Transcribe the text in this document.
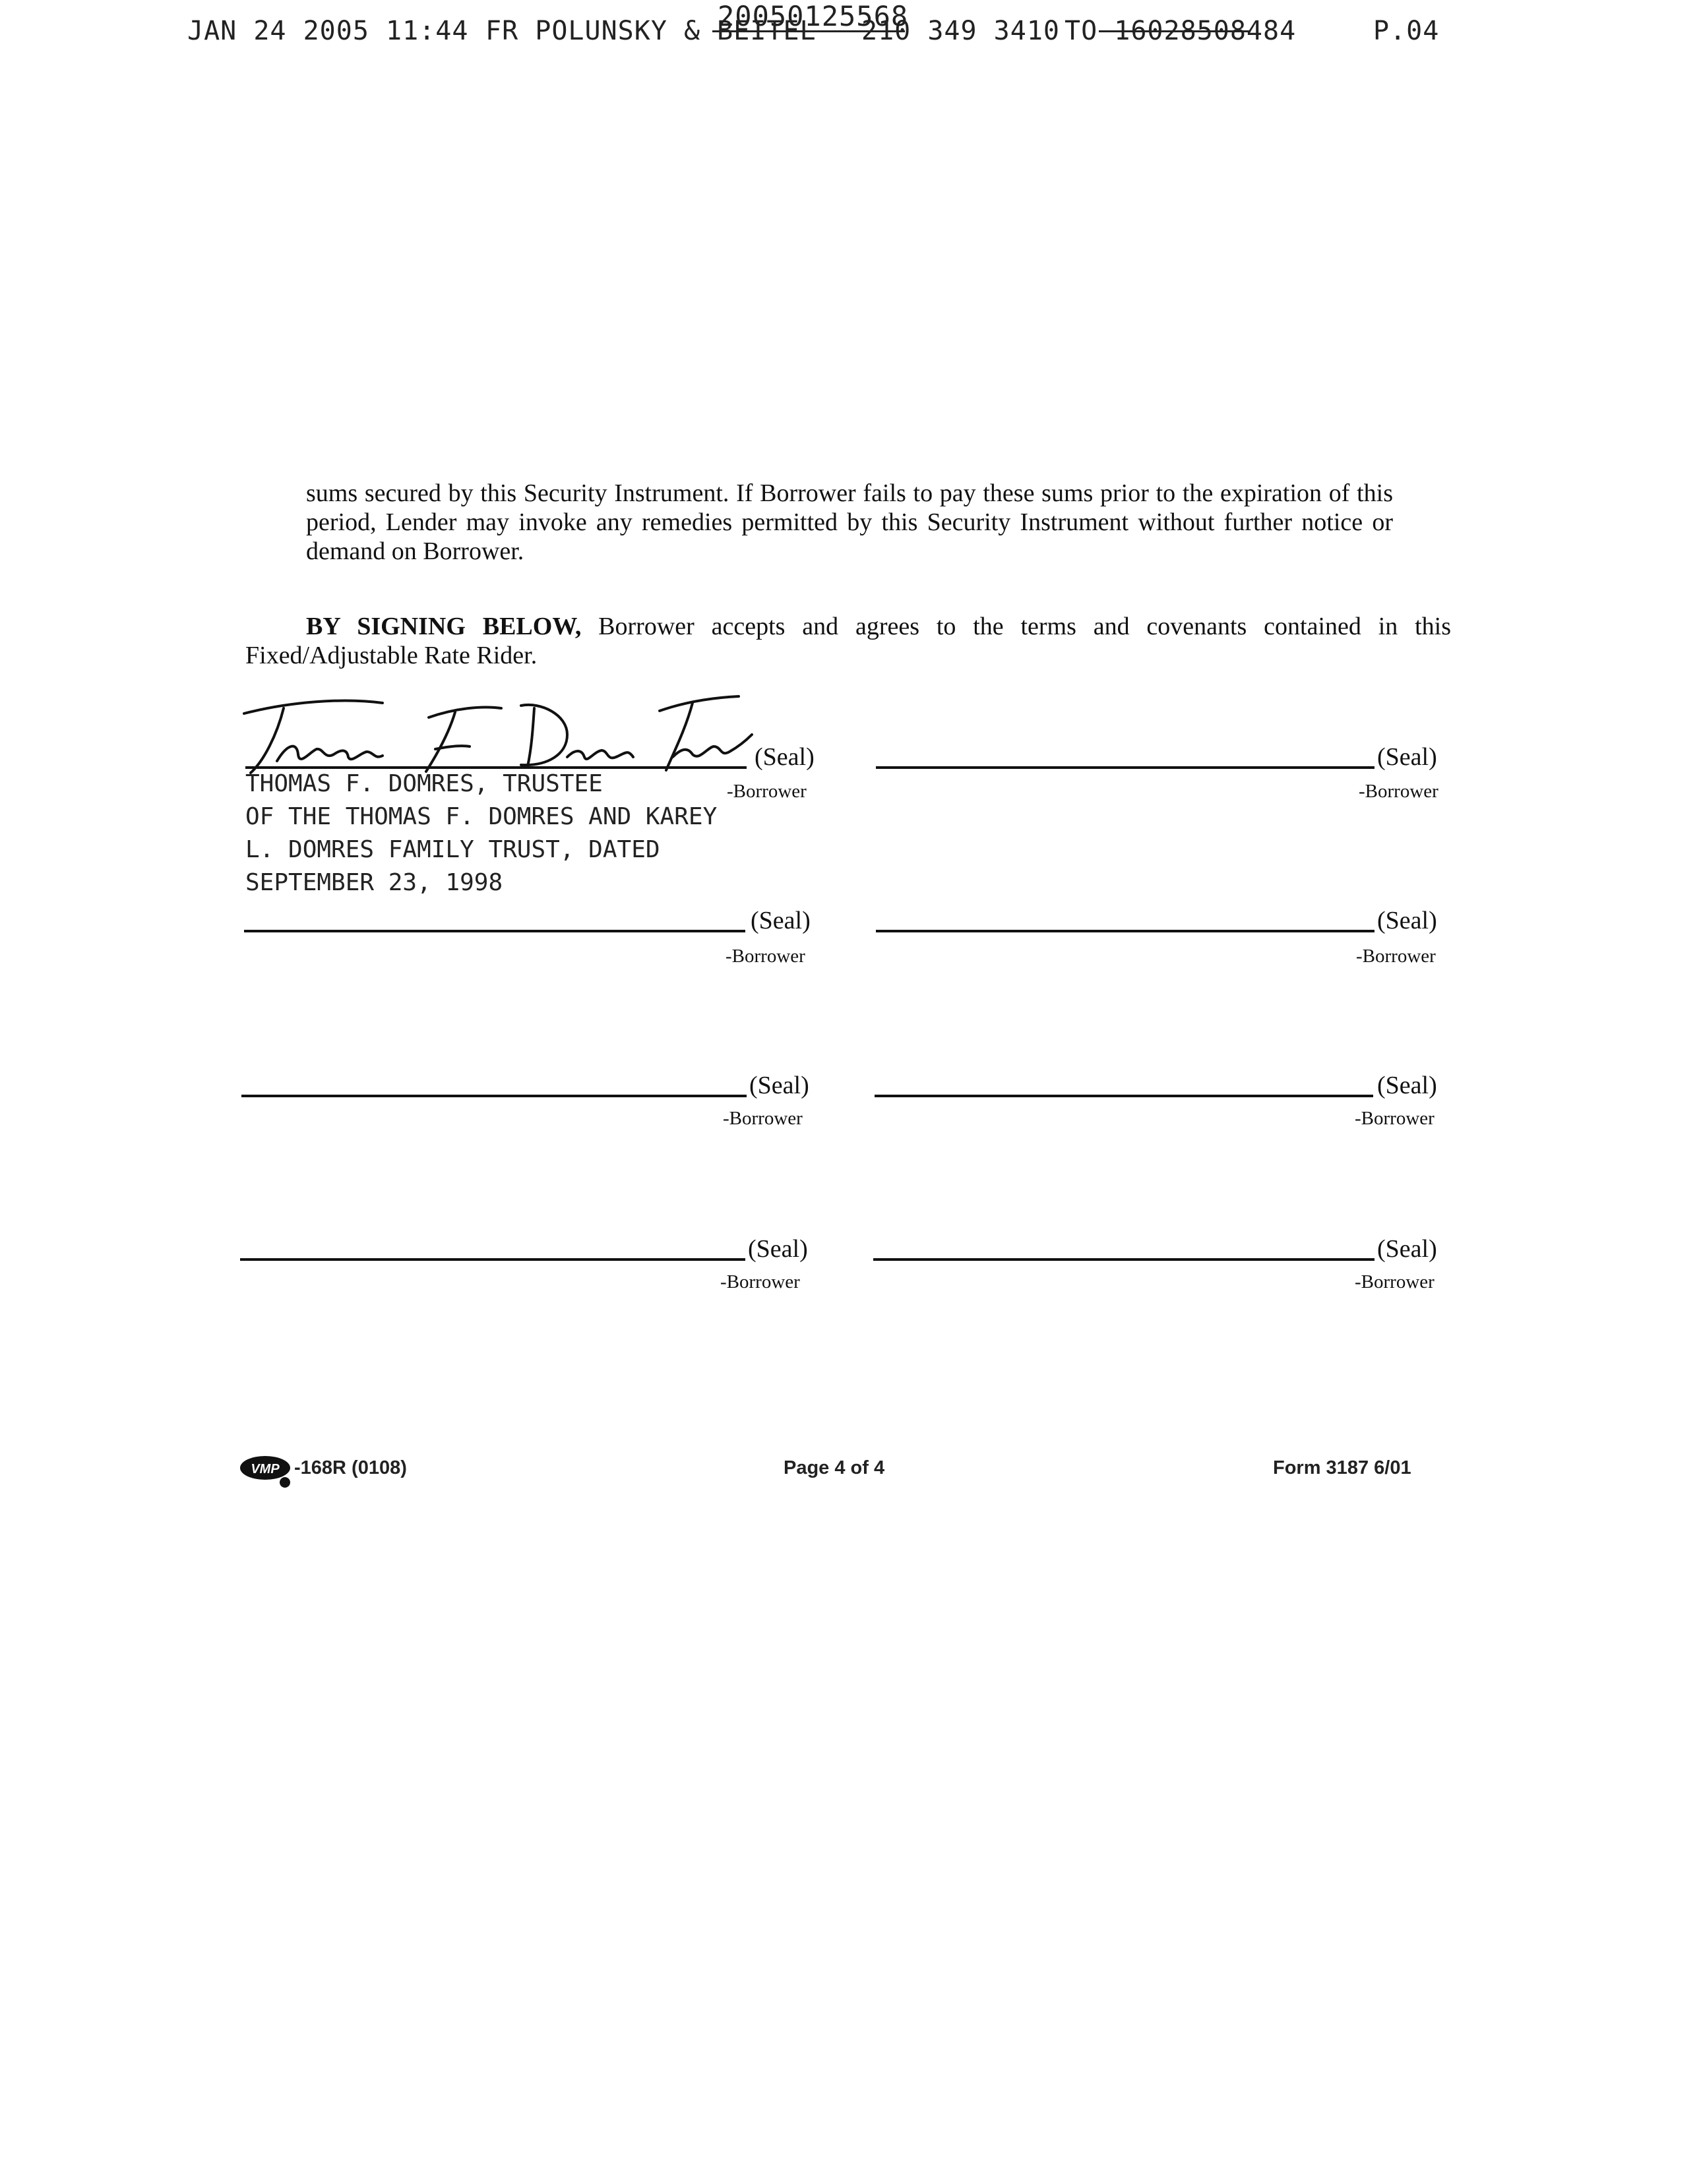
JAN 24 2005 11:44 FR POLUNSKY & BEITEL 210 349 3410 TO 16028508484	P.04
20050125568
sums secured by this Security Instrument. If Borrower fails to pay these sums prior to the expiration of this period, Lender may invoke any remedies permitted by this Security Instrument without further notice or demand on Borrower.
BY SIGNING BELOW, Borrower accepts and agrees to the terms and covenants contained in this Fixed/Adjustable Rate Rider.
(Seal)
-Borrower
THOMAS F. DOMRES, TRUSTEE
OF THE THOMAS F. DOMRES AND KAREY
L. DOMRES FAMILY TRUST, DATED
SEPTEMBER 23, 1998
(Seal)
-Borrower
(Seal)
-Borrower
(Seal)
-Borrower
(Seal)
-Borrower
(Seal)
-Borrower
(Seal)
-Borrower
(Seal)
-Borrower
VMP -168R (0108)	Page 4 of 4	Form 3187 6/01
